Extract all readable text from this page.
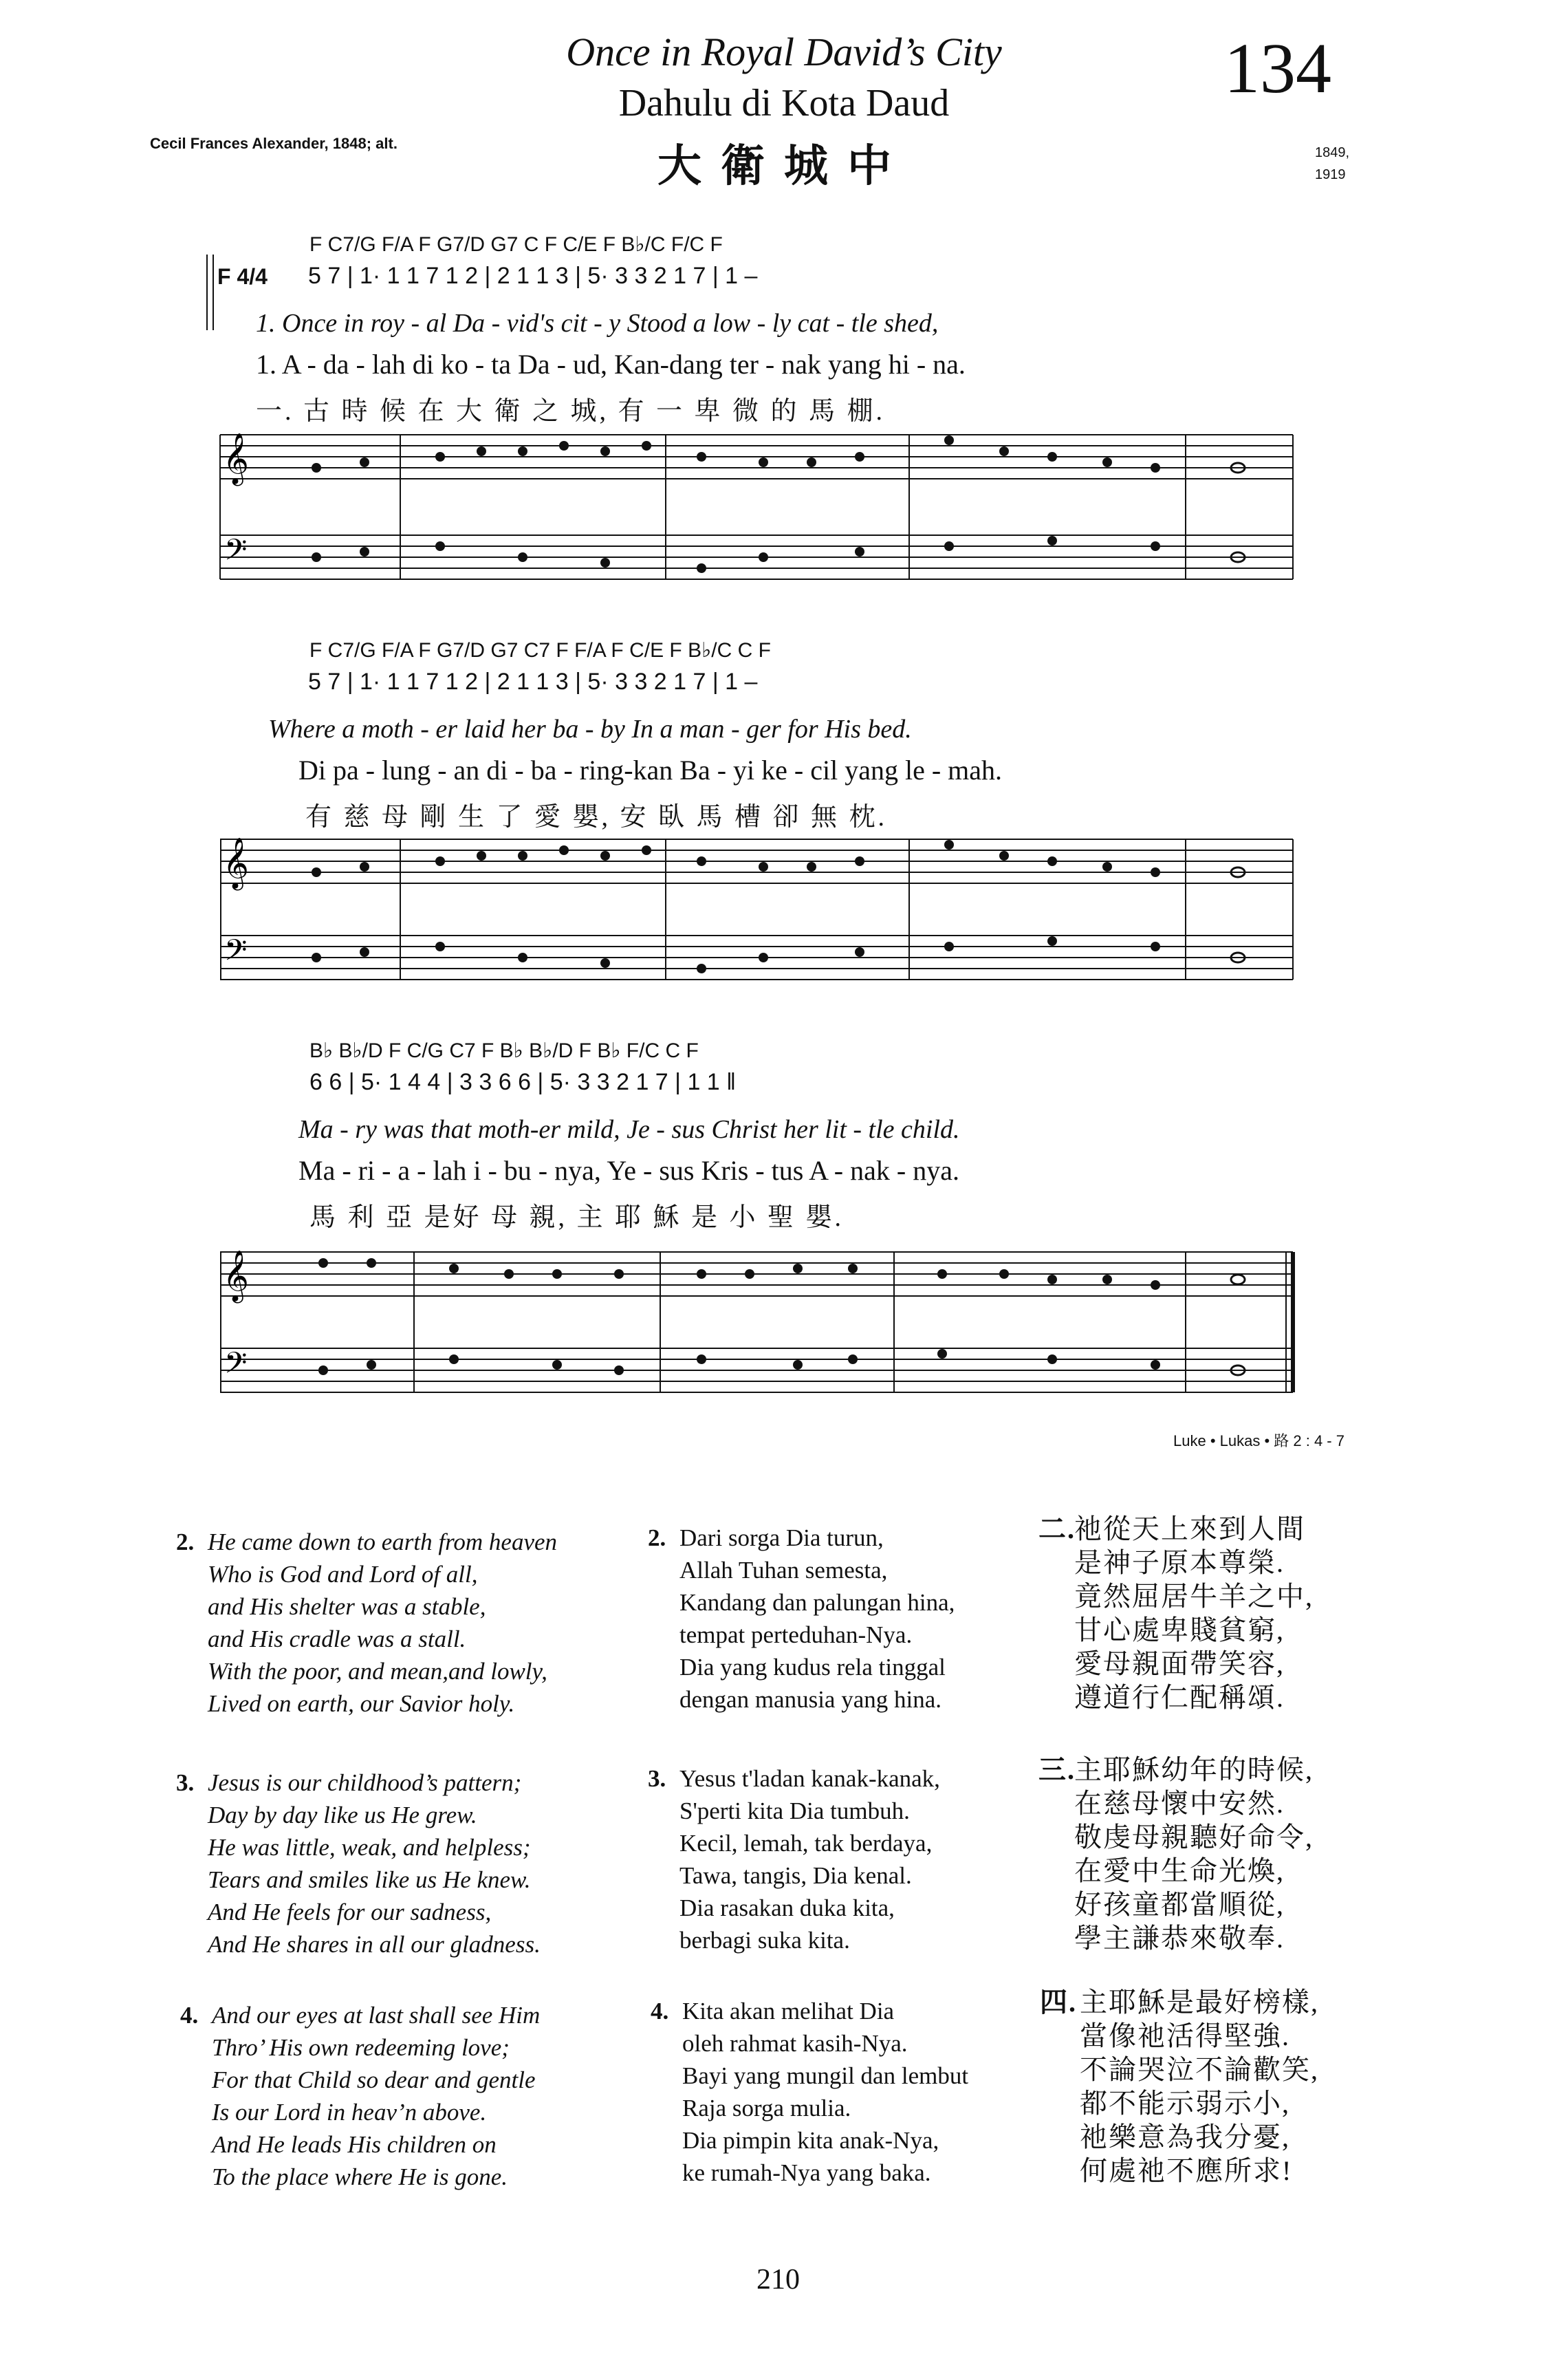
Once in Royal David’s City
Dahulu di Kota Daud
大衛城中
134
Cecil Frances Alexander, 1848; alt.
1849,
1919
F C7/G F/A F G7/D G7 C F C/E F B♭/C F/C F
F 4/4 5 7 | 1· 1 1 7 1 2 | 2 1 1 3 | 5· 3 3 2 1 7 | 1 –
1. Once in roy - al Da - vid's cit - y Stood a low - ly cat - tle shed,
1. A - da - lah di ko - ta Da - ud, Kan-dang ter - nak yang hi - na.
一. 古 時 候 在 大 衛 之 城, 有 一 卑 微 的 馬 棚.
𝄞
𝄢
F C7/G F/A F G7/D G7 C7 F F/A F C/E F B♭/C C F
5 7 | 1· 1 1 7 1 2 | 2 1 1 3 | 5· 3 3 2 1 7 | 1 –
Where a moth - er laid her ba - by In a man - ger for His bed.
Di pa - lung - an di - ba - ring-kan Ba - yi ke - cil yang le - mah.
有 慈 母 剛 生 了 愛 嬰, 安 臥 馬 槽 卻 無 枕.
𝄞
𝄢
B♭ B♭/D F C/G C7 F B♭ B♭/D F B♭ F/C C F
6 6 | 5· 1 4 4 | 3 3 6 6 | 5· 3 3 2 1 7 | 1 1 ‖
Ma - ry was that moth-er mild, Je - sus Christ her lit - tle child.
Ma - ri - a - lah i - bu - nya, Ye - sus Kris - tus A - nak - nya.
馬 利 亞 是好 母 親, 主 耶 穌 是 小 聖 嬰.
𝄞
𝄢
Luke • Lukas • 路 2 : 4 - 7
2. He came down to earth from heaven
Who is God and Lord of all,
and His shelter was a stable,
and His cradle was a stall.
With the poor, and mean,and lowly,
Lived on earth, our Savior holy.
3. Jesus is our childhood’s pattern;
Day by day like us He grew.
He was little, weak, and helpless;
Tears and smiles like us He knew.
And He feels for our sadness,
And He shares in all our gladness.
4. And our eyes at last shall see Him
Thro’ His own redeeming love;
For that Child so dear and gentle
Is our Lord in heav’n above.
And He leads His children on
To the place where He is gone.
2. Dari sorga Dia turun,
Allah Tuhan semesta,
Kandang dan palungan hina,
tempat perteduhan-Nya.
Dia yang kudus rela tinggal
dengan manusia yang hina.
3. Yesus t'ladan kanak-kanak,
S'perti kita Dia tumbuh.
Kecil, lemah, tak berdaya,
Tawa, tangis, Dia kenal.
Dia rasakan duka kita,
berbagi suka kita.
4. Kita akan melihat Dia
oleh rahmat kasih-Nya.
Bayi yang mungil dan lembut
Raja sorga mulia.
Dia pimpin kita anak-Nya,
ke rumah-Nya yang baka.
二.
祂從天上來到人間
是神子原本尊榮.
竟然屈居牛羊之中,
甘心處卑賤貧窮,
愛母親面帶笑容,
遵道行仁配稱頌.
三.
主耶穌幼年的時候,
在慈母懷中安然.
敬虔母親聽好命令,
在愛中生命光煥,
好孩童都當順從,
學主謙恭來敬奉.
四. 主耶穌是最好榜樣,
當像祂活得堅強.
不論哭泣不論歡笑,
都不能示弱示小,
祂樂意為我分憂,
何處祂不應所求!
210
